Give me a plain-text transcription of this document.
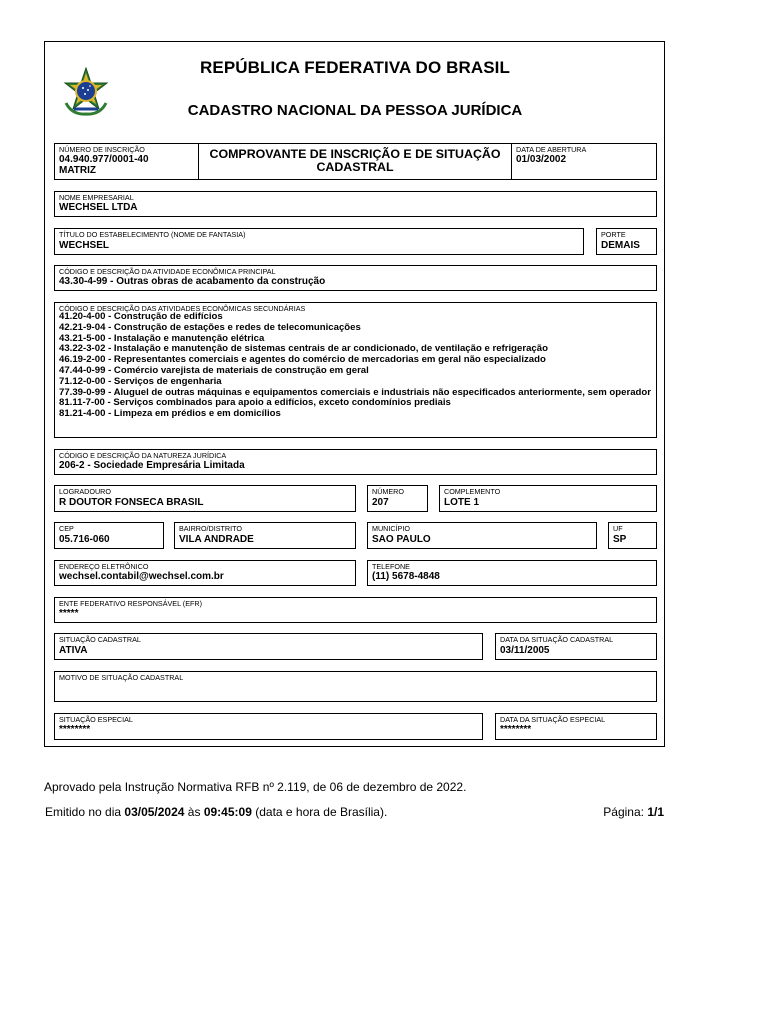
REPÚBLICA FEDERATIVA DO BRASIL
CADASTRO NACIONAL DA PESSOA JURÍDICA
NÚMERO DE INSCRIÇÃO
04.940.977/0001-40
MATRIZ
COMPROVANTE DE INSCRIÇÃO E DE SITUAÇÃO CADASTRAL
DATA DE ABERTURA
01/03/2002
NOME EMPRESARIAL
WECHSEL LTDA
TÍTULO DO ESTABELECIMENTO (NOME DE FANTASIA)
WECHSEL
PORTE
DEMAIS
CÓDIGO E DESCRIÇÃO DA ATIVIDADE ECONÔMICA PRINCIPAL
43.30-4-99 - Outras obras de acabamento da construção
CÓDIGO E DESCRIÇÃO DAS ATIVIDADES ECONÔMICAS SECUNDÁRIAS
41.20-4-00 - Construção de edifícios
42.21-9-04 - Construção de estações e redes de telecomunicações
43.21-5-00 - Instalação e manutenção elétrica
43.22-3-02 - Instalação e manutenção de sistemas centrais de ar condicionado, de ventilação e refrigeração
46.19-2-00 - Representantes comerciais e agentes do comércio de mercadorias em geral não especializado
47.44-0-99 - Comércio varejista de materiais de construção em geral
71.12-0-00 - Serviços de engenharia
77.39-0-99 - Aluguel de outras máquinas e equipamentos comerciais e industriais não especificados anteriormente, sem operador
81.11-7-00 - Serviços combinados para apoio a edifícios, exceto condomínios prediais
81.21-4-00 - Limpeza em prédios e em domicílios
CÓDIGO E DESCRIÇÃO DA NATUREZA JURÍDICA
206-2 - Sociedade Empresária Limitada
LOGRADOURO
R DOUTOR FONSECA BRASIL
NÚMERO
207
COMPLEMENTO
LOTE 1
CEP
05.716-060
BAIRRO/DISTRITO
VILA ANDRADE
MUNICÍPIO
SAO PAULO
UF
SP
ENDEREÇO ELETRÔNICO
wechsel.contabil@wechsel.com.br
TELEFONE
(11) 5678-4848
ENTE FEDERATIVO RESPONSÁVEL (EFR)
*****
SITUAÇÃO CADASTRAL
ATIVA
DATA DA SITUAÇÃO CADASTRAL
03/11/2005
MOTIVO DE SITUAÇÃO CADASTRAL
SITUAÇÃO ESPECIAL
********
DATA DA SITUAÇÃO ESPECIAL
********
Aprovado pela Instrução Normativa RFB nº 2.119, de 06 de dezembro de 2022.
Emitido no dia 03/05/2024 às 09:45:09 (data e hora de Brasília).	Página: 1/1
